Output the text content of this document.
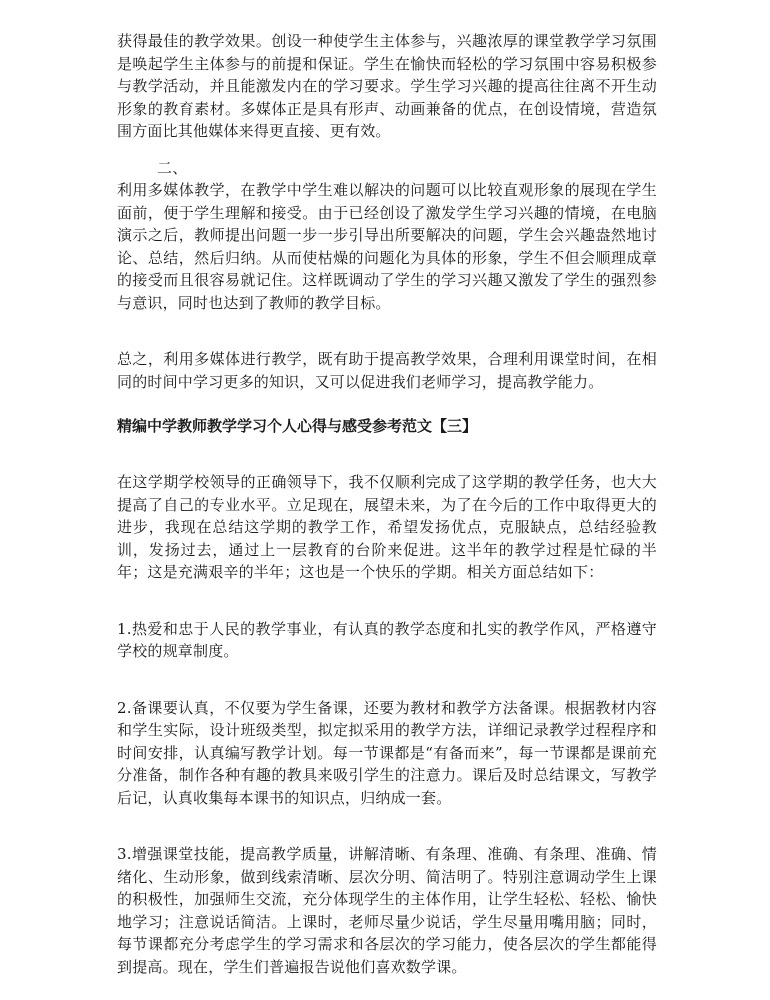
获得最佳的教学效果。创设一种使学生主体参与，兴趣浓厚的课堂教学学习氛围是唤起学生主体参与的前提和保证。学生在愉快而轻松的学习氛围中容易积极参与教学活动，并且能激发内在的学习要求。学生学习兴趣的提高往往离不开生动形象的教育素材。多媒体正是具有形声、动画兼备的优点，在创设情境，营造氛围方面比其他媒体来得更直接、更有效。

二、

利用多媒体教学，在教学中学生难以解决的问题可以比较直观形象的展现在学生面前，便于学生理解和接受。由于已经创设了激发学生学习兴趣的情境，在电脑演示之后，教师提出问题一步一步引导出所要解决的问题，学生会兴趣盎然地讨论、总结，然后归纳。从而使枯燥的问题化为具体的形象，学生不但会顺理成章的接受而且很容易就记住。这样既调动了学生的学习兴趣又激发了学生的强烈参与意识，同时也达到了教师的教学目标。

总之，利用多媒体进行教学，既有助于提高教学效果，合理利用课堂时间，在相同的时间中学习更多的知识，又可以促进我们老师学习，提高教学能力。

精编中学教师教学学习个人心得与感受参考范文【三】

在这学期学校领导的正确领导下，我不仅顺利完成了这学期的教学任务，也大大提高了自己的专业水平。立足现在，展望未来，为了在今后的工作中取得更大的进步，我现在总结这学期的教学工作，希望发扬优点，克服缺点，总结经验教训，发扬过去，通过上一层教育的台阶来促进。这半年的教学过程是忙碌的半年；这是充满艰辛的半年；这也是一个快乐的学期。相关方面总结如下：

1.热爱和忠于人民的教学事业，有认真的教学态度和扎实的教学作风，严格遵守学校的规章制度。

2.备课要认真，不仅要为学生备课，还要为教材和教学方法备课。根据教材内容和学生实际，设计班级类型，拟定拟采用的教学方法，详细记录教学过程程序和时间安排，认真编写教学计划。每一节课都是“有备而来”，每一节课都是课前充分准备，制作各种有趣的教具来吸引学生的注意力。课后及时总结课文，写教学后记，认真收集每本课书的知识点，归纳成一套。

3.增强课堂技能，提高教学质量，讲解清晰、有条理、准确、有条理、准确、情绪化、生动形象，做到线索清晰、层次分明、简洁明了。特别注意调动学生上课的积极性，加强师生交流，充分体现学生的主体作用，让学生轻松、轻松、愉快地学习；注意说话简洁。上课时，老师尽量少说话，学生尽量用嘴用脑；同时，每节课都充分考虑学生的学习需求和各层次的学习能力，使各层次的学生都能得到提高。现在，学生们普遍报告说他们喜欢数学课。
